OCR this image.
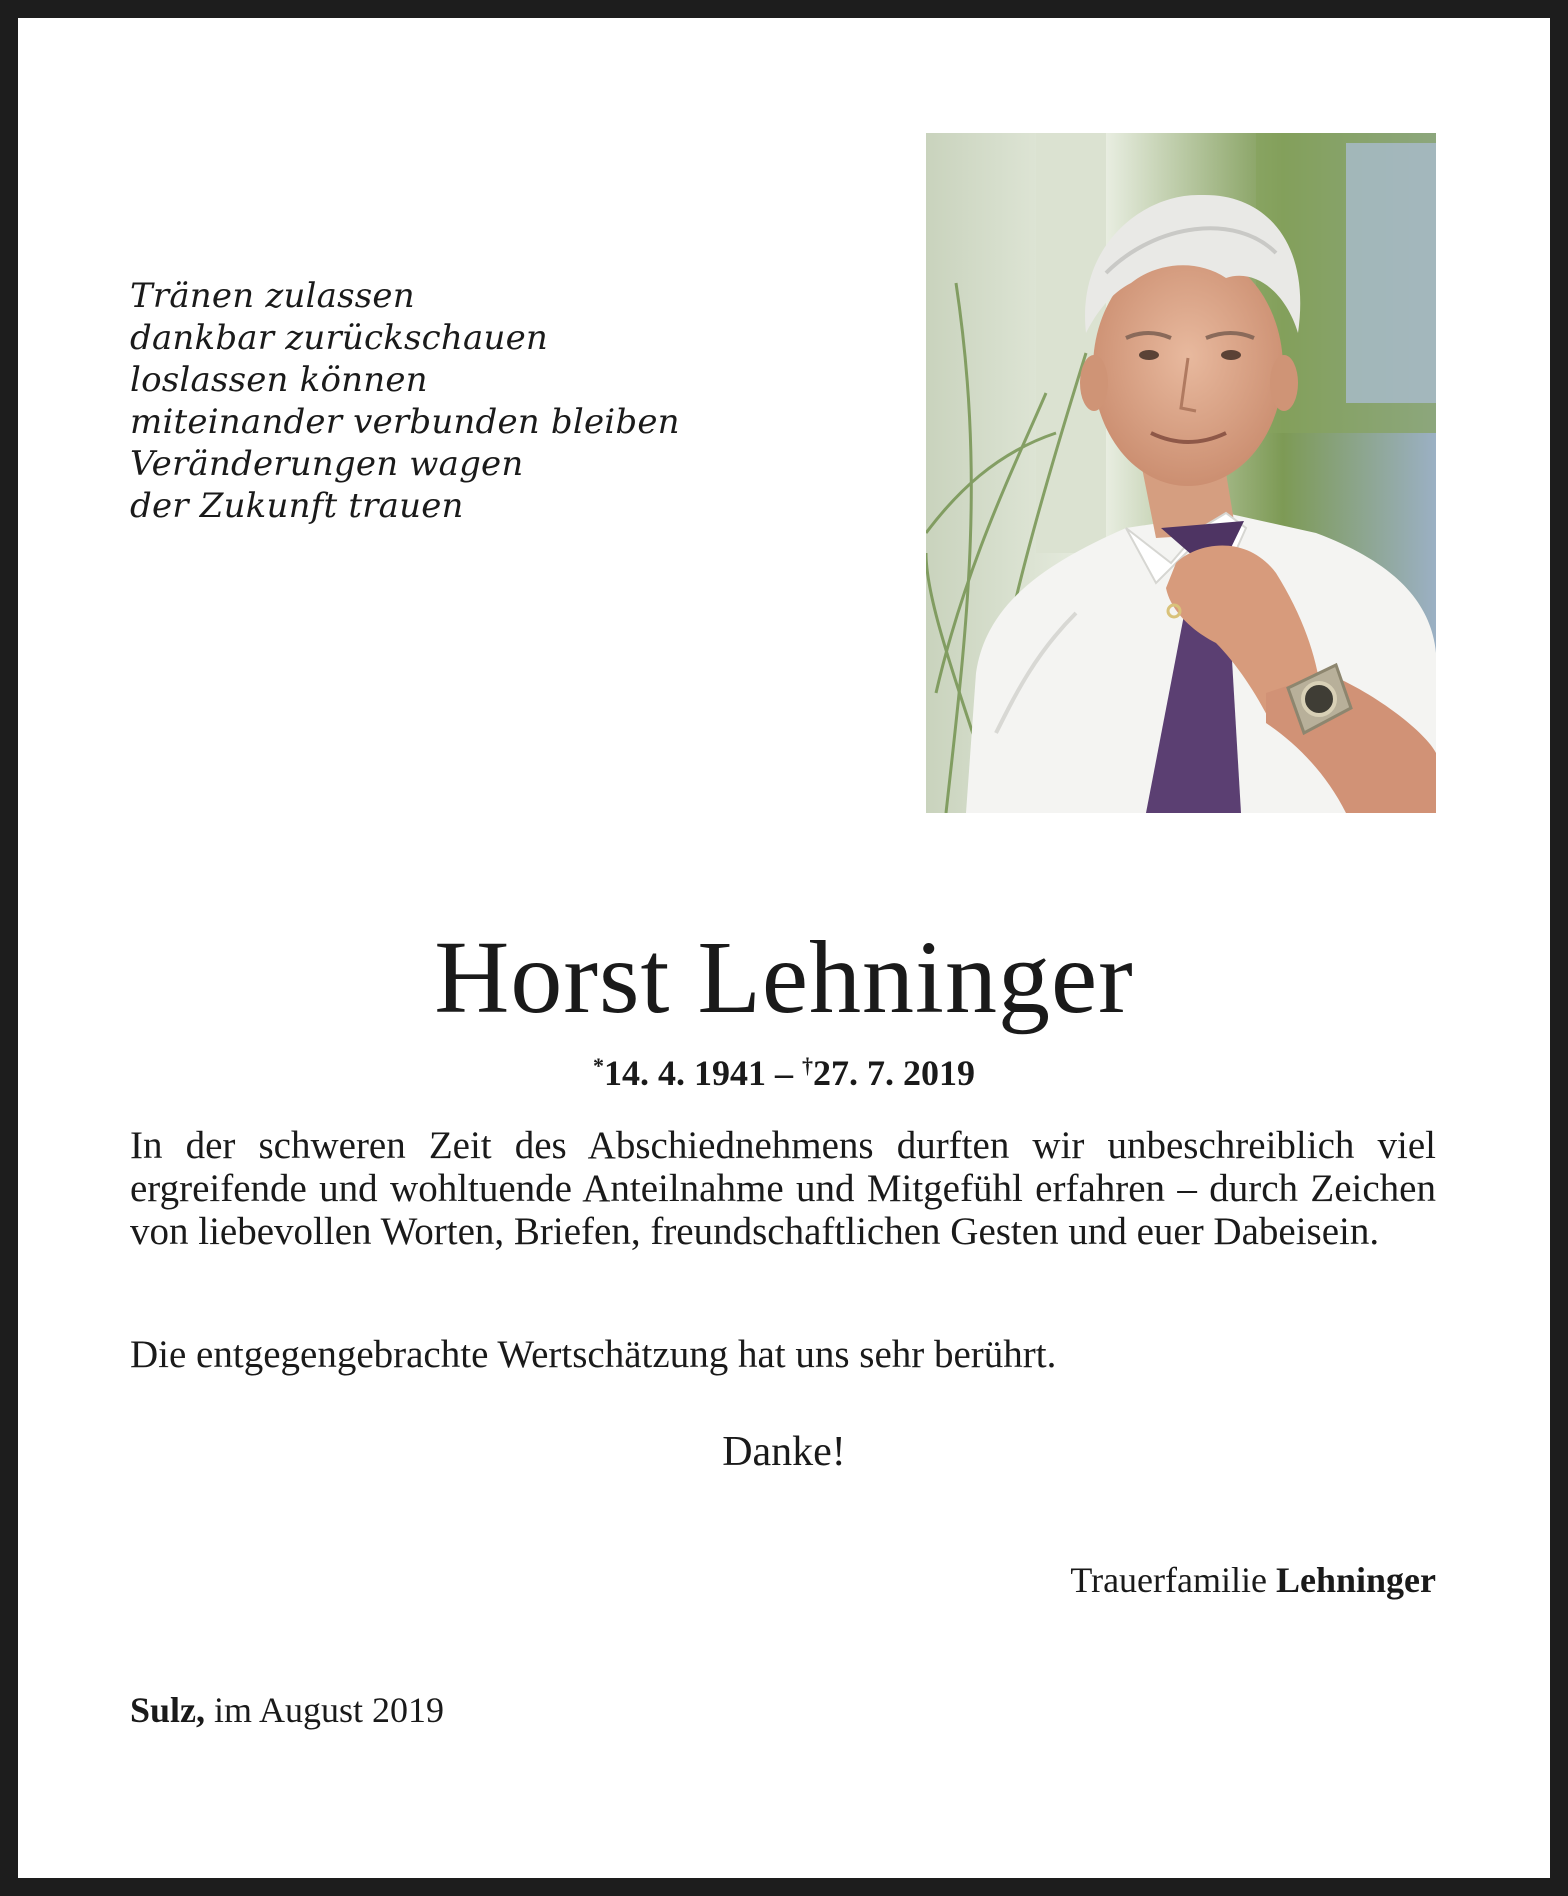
Tränen zulassen
dankbar zurückschauen
loslassen können
miteinander verbunden bleiben
Veränderungen wagen
der Zukunft trauen
Horst Lehninger
*14. 4. 1941 – †27. 7. 2019
In der schweren Zeit des Abschiednehmens durften wir unbeschreiblich viel ergreifende und wohltuende Anteilnahme und Mitgefühl erfahren – durch Zeichen von liebevollen Worten, Briefen, freundschaftlichen Gesten und euer Dabeisein.
Die entgegengebrachte Wertschätzung hat uns sehr berührt.
Danke!
Trauerfamilie Lehninger
Sulz, im August 2019
